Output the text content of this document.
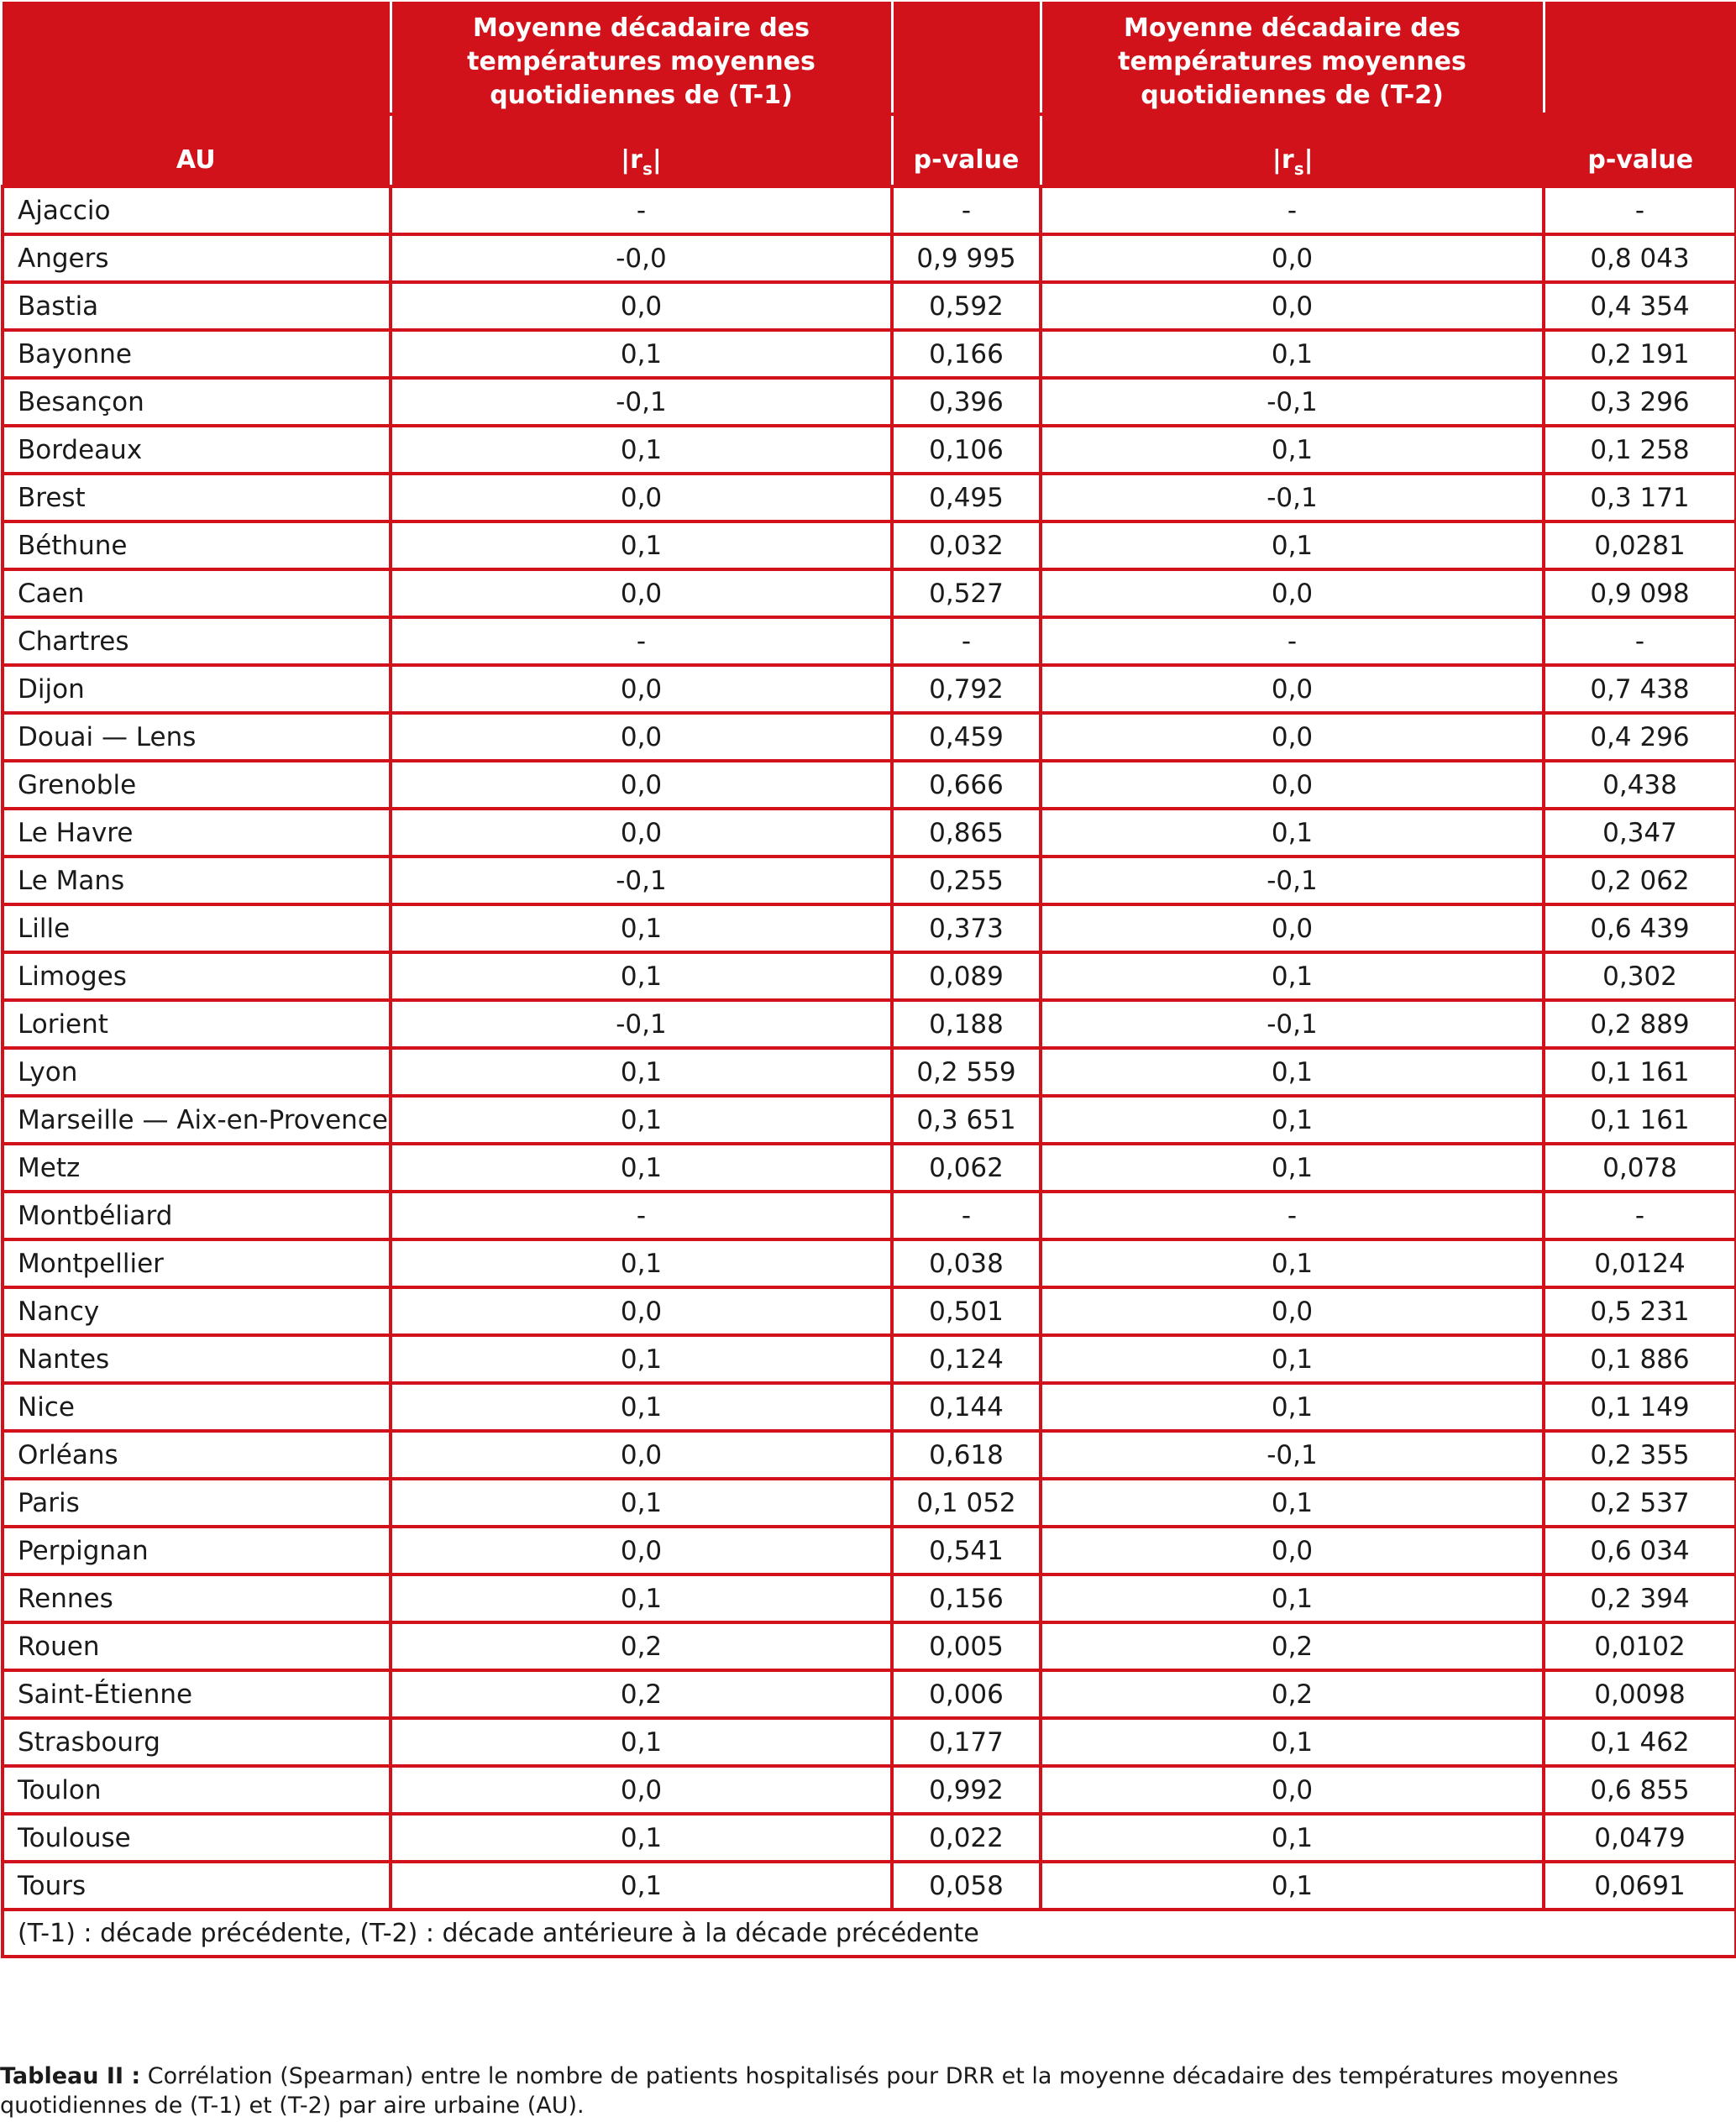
AU	Moyenne décadaire des températures moyennes quotidiennes de (T-1)	p-value	Moyenne décadaire des températures moyennes quotidiennes de (T-2)	p-value
	$|r_s|$		$|r_s|$	
Ajaccio	-	-	-	-
Angers	-0,0	0,9 995	0,0	0,8 043
Bastia	0,0	0,592	0,0	0,4 354
Bayonne	0,1	0,166	0,1	0,2 191
Besançon	-0,1	0,396	-0,1	0,3 296
Bordeaux	0,1	0,106	0,1	0,1 258
Brest	0,0	0,495	-0,1	0,3 171
Béthune	0,1	0,032	0,1	0,0281
Caen	0,0	0,527	0,0	0,9 098
Chartres	-	-	-	-
Dijon	0,0	0,792	0,0	0,7 438
Douai — Lens	0,0	0,459	0,0	0,4 296
Grenoble	0,0	0,666	0,0	0,438
Le Havre	0,0	0,865	0,1	0,347
Le Mans	-0,1	0,255	-0,1	0,2 062
Lille	0,1	0,373	0,0	0,6 439
Limoges	0,1	0,089	0,1	0,302
Lorient	-0,1	0,188	-0,1	0,2 889
Lyon	0,1	0,2 559	0,1	0,1 161
Marseille — Aix-en-Provence	0,1	0,3 651	0,1	0,1 161
Metz	0,1	0,062	0,1	0,078
Montbéliard	-	-	-	-
Montpellier	0,1	0,038	0,1	0,0124
Nancy	0,0	0,501	0,0	0,5 231
Nantes	0,1	0,124	0,1	0,1 886
Nice	0,1	0,144	0,1	0,1 149
Orléans	0,0	0,618	-0,1	0,2 355
Paris	0,1	0,1 052	0,1	0,2 537
Perpignan	0,0	0,541	0,0	0,6 034
Rennes	0,1	0,156	0,1	0,2 394
Rouen	0,2	0,005	0,2	0,0102
Saint-Étienne	0,2	0,006	0,2	0,0098
Strasbourg	0,1	0,177	0,1	0,1 462
Toulon	0,0	0,992	0,0	0,6 855
Toulouse	0,1	0,022	0,1	0,0479
Tours	0,1	0,058	0,1	0,0691
(T-1) : décade précédente, (T-2) : décade antérieure à la décade précédente				
Tableau II : Corrélation (Spearman) entre le nombre de patients hospitalisés pour DRR et la moyenne décadaire des températures moyennes quotidiennes de (T-1) et (T-2) par aire urbaine (AU).
